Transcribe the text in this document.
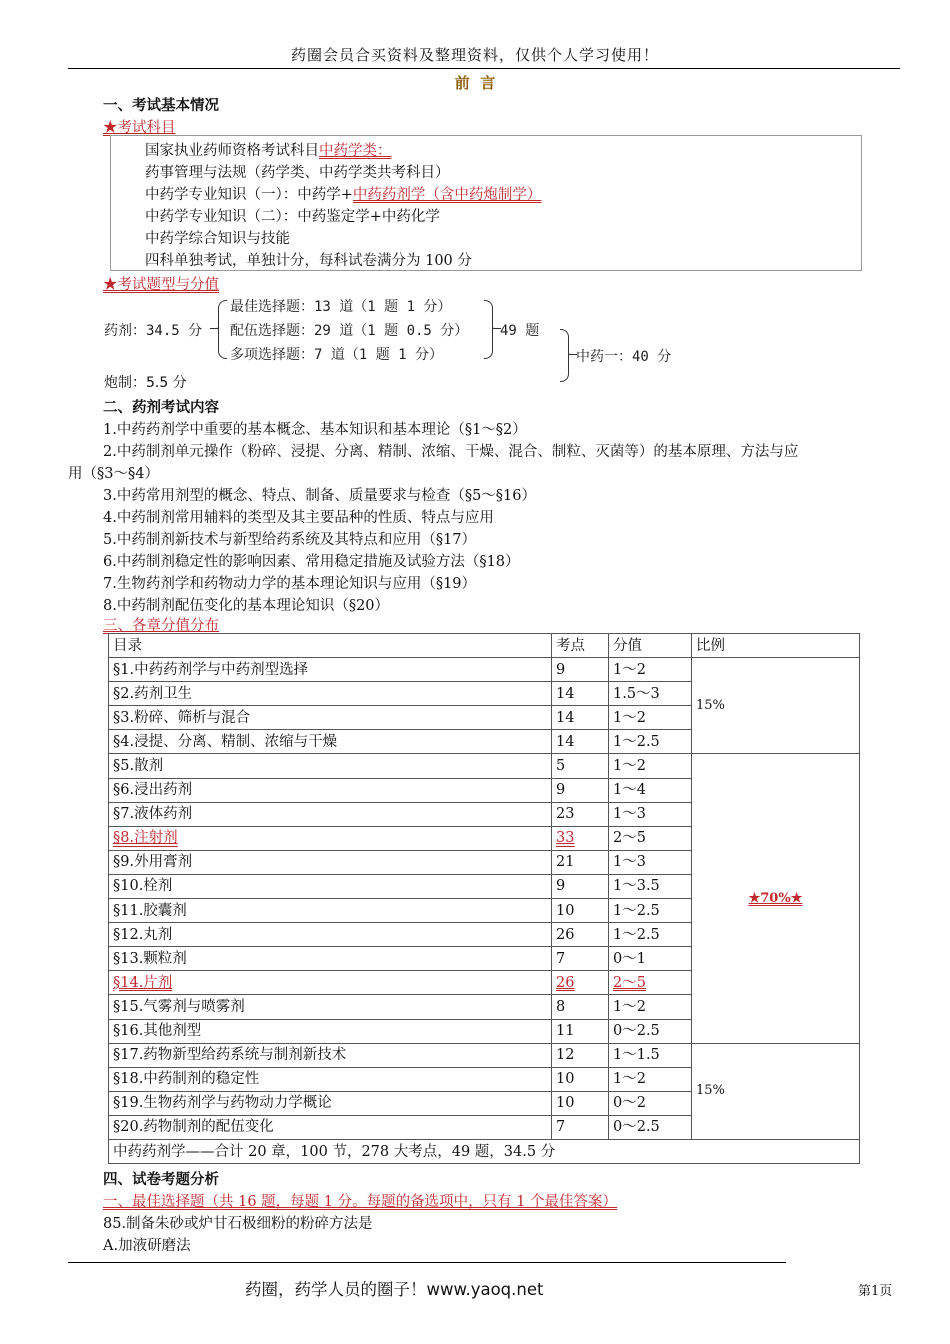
药圈会员合买资料及整理资料，仅供个人学习使用！
前  言
一、考试基本情况
★考试科目
国家执业药师资格考试科目中药学类：
药事管理与法规（药学类、中药学类共考科目）
中药学专业知识（一）：中药学+中药药剂学（含中药炮制学）
中药学专业知识（二）：中药鉴定学+中药化学
中药学综合知识与技能
四科单独考试，单独计分，每科试卷满分为 100 分
★考试题型与分值
药剂：34.5 分
最佳选择题：13 道（1 题 1 分）
配伍选择题：29 道（1 题 0.5 分）
多项选择题：7 道（1 题 1 分）
49 题
中药一：40 分
炮制：5.5 分
二、药剂考试内容
1.中药药剂学中重要的基本概念、基本知识和基本理论（§1～§2）
2.中药制剂单元操作（粉碎、浸提、分离、精制、浓缩、干燥、混合、制粒、灭菌等）的基本原理、方法与应
用（§3～§4）
3.中药常用剂型的概念、特点、制备、质量要求与检查（§5～§16）
4.中药制剂常用辅料的类型及其主要品种的性质、特点与应用
5.中药制剂新技术与新型给药系统及其特点和应用（§17）
6.中药制剂稳定性的影响因素、常用稳定措施及试验方法（§18）
7.生物药剂学和药物动力学的基本理论知识与应用（§19）
8.中药制剂配伍变化的基本理论知识（§20）
三、各章分值分布
目录	考点	分值	比例
§1.中药药剂学与中药剂型选择	9	1～2	15%
§2.药剂卫生	14	1.5～3	
§3.粉碎、筛析与混合	14	1～2	
§4.浸提、分离、精制、浓缩与干燥	14	1～2.5	
§5.散剂	5	1～2	★70%★
§6.浸出药剂	9	1～4	
§7.液体药剂	23	1～3	
§8.注射剂	33	2～5	
§9.外用膏剂	21	1～3	
§10.栓剂	9	1～3.5	
§11.胶囊剂	10	1～2.5	
§12.丸剂	26	1～2.5	
§13.颗粒剂	7	0～1	
§14.片剂	26	2～5	
§15.气雾剂与喷雾剂	8	1～2	
§16.其他剂型	11	0～2.5	
§17.药物新型给药系统与制剂新技术	12	1～1.5	15%
§18.中药制剂的稳定性	10	1～2	
§19.生物药剂学与药物动力学概论	10	0～2	
§20.药物制剂的配伍变化	7	0～2.5	
中药药剂学——合计 20 章，100 节，278 大考点，49 题，34.5 分			
四、试卷考题分析
一、最佳选择题（共 16 题，每题 1 分。每题的备选项中，只有 1 个最佳答案）
85.制备朱砂或炉甘石极细粉的粉碎方法是
A.加液研磨法
药圈，药学人员的圈子！www.yaoq.net	第1页
